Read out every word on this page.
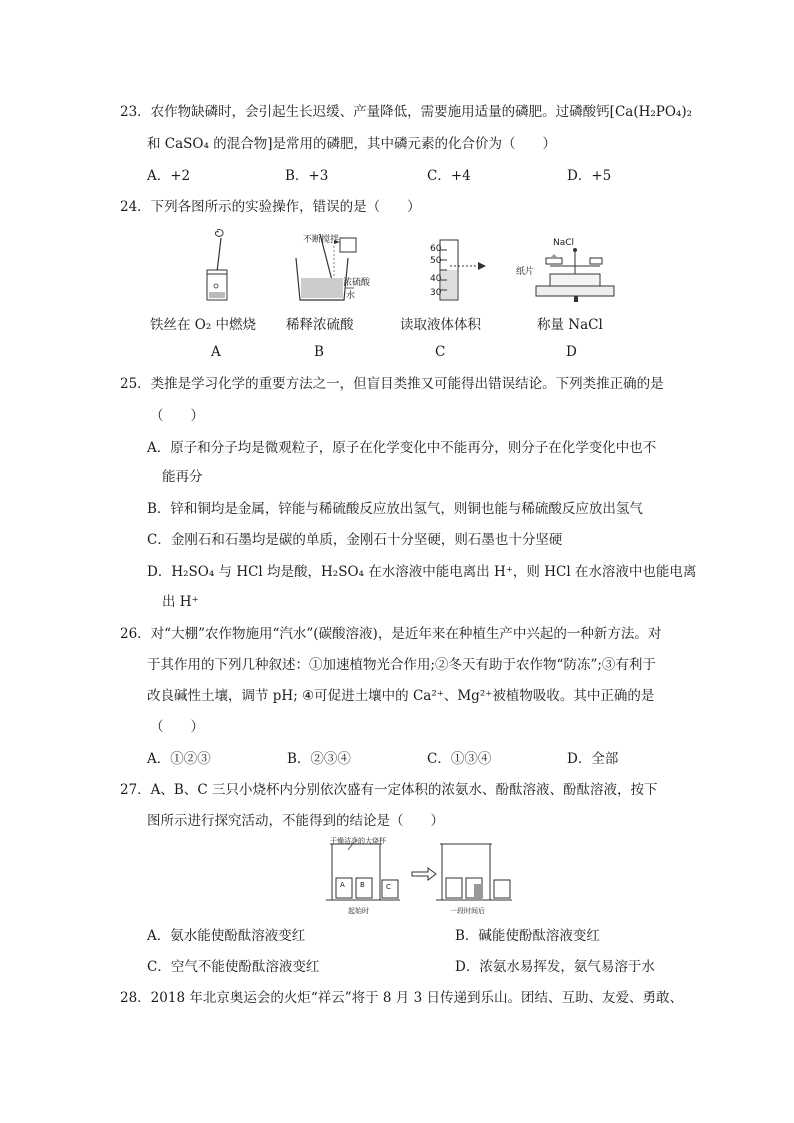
23．农作物缺磷时，会引起生长迟缓、产量降低，需要施用适量的磷肥。过磷酸钙[Ca(H₂PO₄)₂
和 CaSO₄ 的混合物]是常用的磷肥，其中磷元素的化合价为（　　）
A．+2	B．+3	C．+4	D．+5
24．下列各图所示的实验操作，错误的是（　　）
不断搅拌
浓硫酸
水
60
50
40
30
NaCl
纸片
铁丝在 O₂ 中燃烧 稀释浓硫酸	读取液体体积	称量 NaCl
A	B	C	D
25．类推是学习化学的重要方法之一，但盲目类推又可能得出错误结论。下列类推正确的是
（　　）
A．原子和分子均是微观粒子，原子在化学变化中不能再分，则分子在化学变化中也不
能再分
B．锌和铜均是金属，锌能与稀硫酸反应放出氢气，则铜也能与稀硫酸反应放出氢气
C．金刚石和石墨均是碳的单质，金刚石十分坚硬，则石墨也十分坚硬
D．H₂SO₄ 与 HCl 均是酸，H₂SO₄ 在水溶液中能电离出 H⁺，则 HCl 在水溶液中也能电离
出 H⁺
26．对“大棚”农作物施用“汽水”(碳酸溶液)，是近年来在种植生产中兴起的一种新方法。对
于其作用的下列几种叙述：①加速植物光合作用;②冬天有助于农作物“防冻”;③有利于
改良碱性土壤，调节 pH; ④可促进土壤中的 Ca²⁺、Mg²⁺被植物吸收。其中正确的是
（　　）
A．①②③	B．②③④	C．①③④	D．全部
27．A、B、C 三只小烧杯内分别依次盛有一定体积的浓氨水、酚酞溶液、酚酞溶液，按下
图所示进行探究活动，不能得到的结论是（　　）
干燥洁净的大烧杯
起始时	一段时间后
A B	C
A．氨水能使酚酞溶液变红	B．碱能使酚酞溶液变红
C．空气不能使酚酞溶液变红	D．浓氨水易挥发，氨气易溶于水
28．2018 年北京奥运会的火炬“祥云”将于 8 月 3 日传递到乐山。团结、互助、友爱、勇敢、
